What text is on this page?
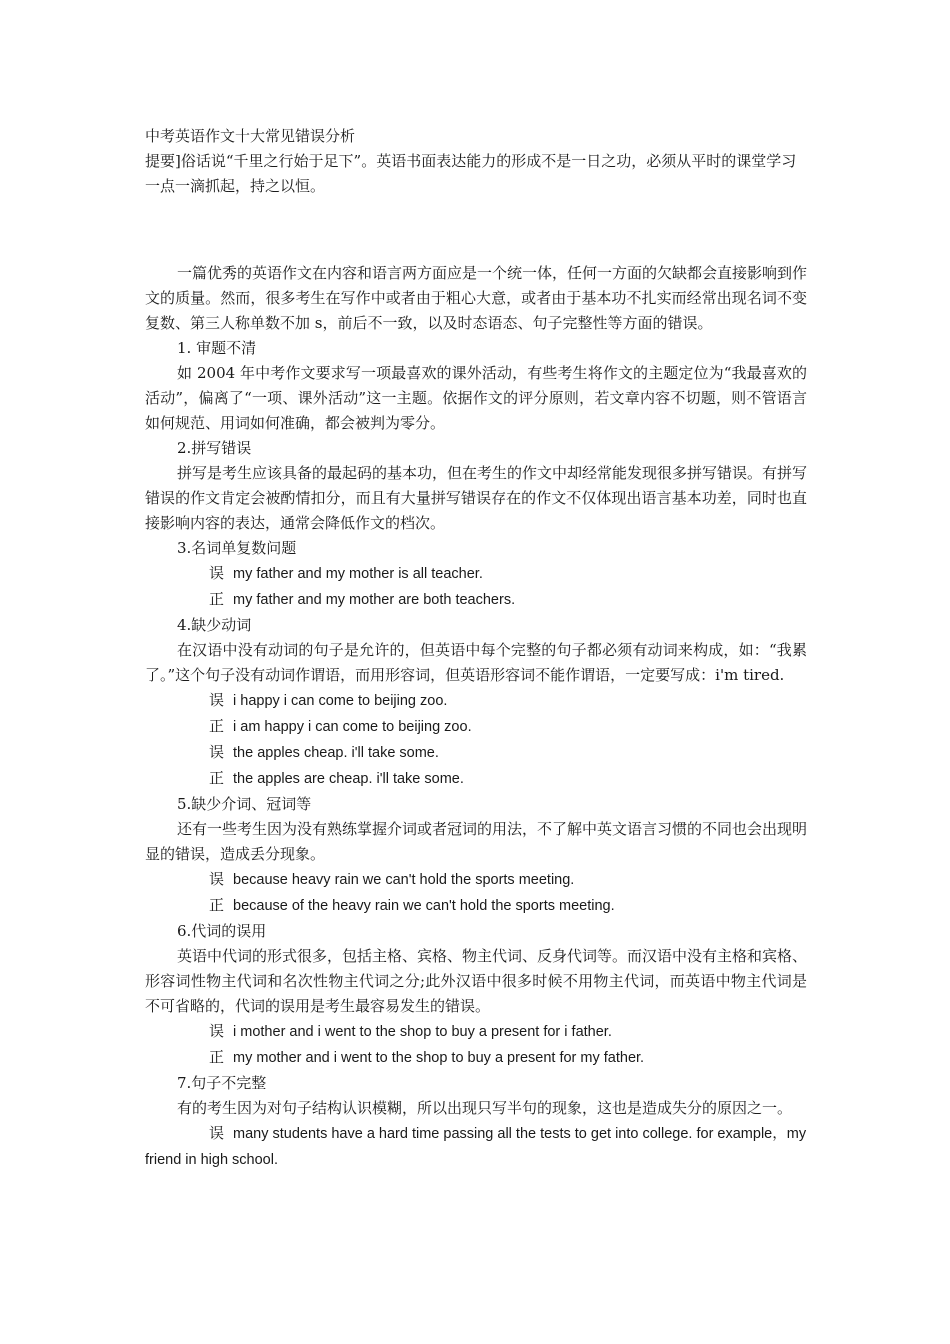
中考英语作文十大常见错误分析

提要]俗话说“千里之行始于足下”。英语书面表达能力的形成不是一日之功，必须从平时的课堂学习一点一滴抓起，持之以恒。

一篇优秀的英语作文在内容和语言两方面应是一个统一体，任何一方面的欠缺都会直接影响到作文的质量。然而，很多考生在写作中或者由于粗心大意，或者由于基本功不扎实而经常出现名词不变复数、第三人称单数不加 s，前后不一致，以及时态语态、句子完整性等方面的错误。

1. 审题不清

如 2004 年中考作文要求写一项最喜欢的课外活动，有些考生将作文的主题定位为“我最喜欢的活动”，偏离了“一项、课外活动”这一主题。依据作文的评分原则，若文章内容不切题，则不管语言如何规范、用词如何准确，都会被判为零分。

2.拼写错误

拼写是考生应该具备的最起码的基本功，但在考生的作文中却经常能发现很多拼写错误。有拼写错误的作文肯定会被酌情扣分，而且有大量拼写错误存在的作文不仅体现出语言基本功差，同时也直接影响内容的表达，通常会降低作文的档次。

3.名词单复数问题

误 my father and my mother is all teacher.

正 my father and my mother are both teachers.

4.缺少动词

在汉语中没有动词的句子是允许的，但英语中每个完整的句子都必须有动词来构成，如：“我累了。”这个句子没有动词作谓语，而用形容词，但英语形容词不能作谓语，一定要写成：i'm tired.

误 i happy i can come to beijing zoo.

正 i am happy i can come to beijing zoo.

误 the apples cheap. i'll take some.

正 the apples are cheap. i'll take some.

5.缺少介词、冠词等

还有一些考生因为没有熟练掌握介词或者冠词的用法，不了解中英文语言习惯的不同也会出现明显的错误，造成丢分现象。

误 because heavy rain we can't hold the sports meeting.

正 because of the heavy rain we can't hold the sports meeting.

6.代词的误用

英语中代词的形式很多，包括主格、宾格、物主代词、反身代词等。而汉语中没有主格和宾格、形容词性物主代词和名次性物主代词之分;此外汉语中很多时候不用物主代词，而英语中物主代词是不可省略的，代词的误用是考生最容易发生的错误。

误 i mother and i went to the shop to buy a present for i father.

正 my mother and i went to the shop to buy a present for my father.

7.句子不完整

有的考生因为对句子结构认识模糊，所以出现只写半句的现象，这也是造成失分的原因之一。

误 many students have a hard time passing all the tests to get into college. for example，my friend in high school.
